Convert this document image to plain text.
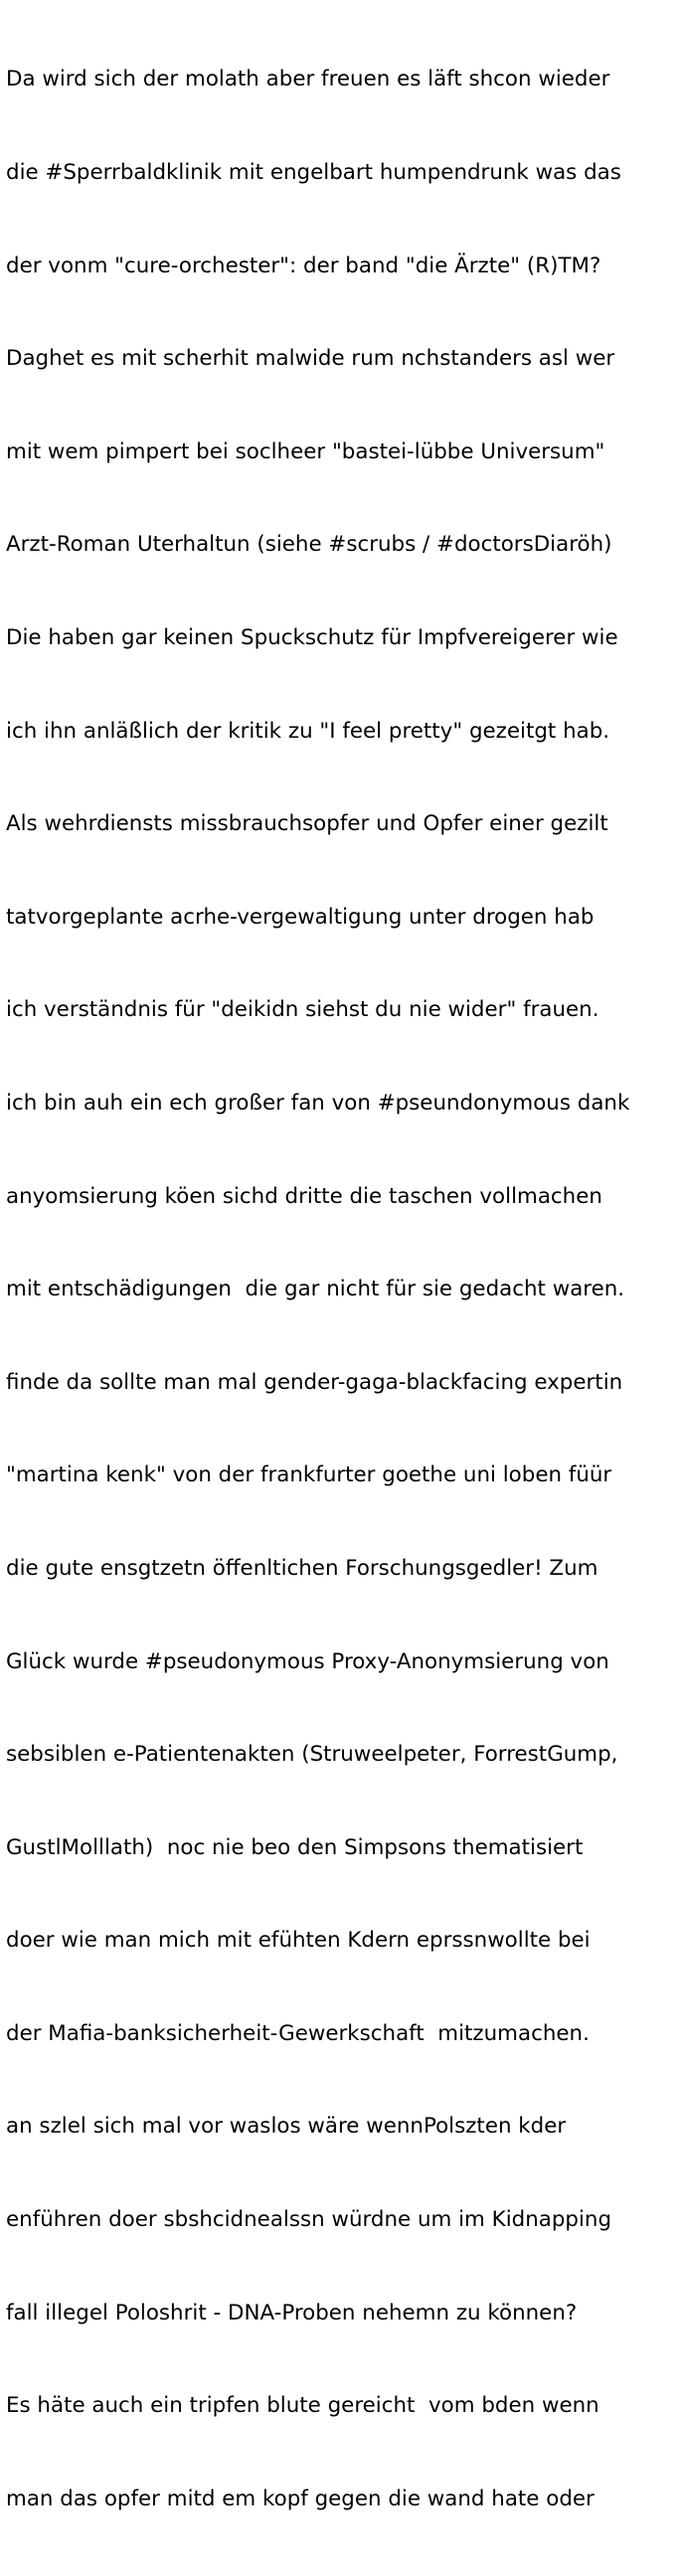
Da wird sich der molath aber freuen es läft shcon wieder

die #Sperrbaldklinik mit engelbart humpendrunk was das

der vonm "cure-orchester": der band "die Ärzte" (R)TM?

Daghet es mit scherhit malwide rum nchstanders asl wer

mit wem pimpert bei soclheer "bastei-lübbe Universum"

Arzt-Roman Uterhaltun (siehe #scrubs / #doctorsDiaröh)

Die haben gar keinen Spuckschutz für Impfvereigerer wie

ich ihn anläßlich der kritik zu "I feel pretty" gezeitgt hab.

Als wehrdiensts missbrauchsopfer und Opfer einer gezilt

tatvorgeplante acrhe-vergewaltigung unter drogen hab

ich verständnis für "deikidn siehst du nie wider" frauen.

ich bin auh ein ech großer fan von #pseundonymous dank

anyomsierung köen sichd dritte die taschen vollmachen

mit entschädigungen  die gar nicht für sie gedacht waren.

finde da sollte man mal gender-gaga-blackfacing expertin

"martina kenk" von der frankfurter goethe uni loben füür

die gute ensgtzetn öffenltichen Forschungsgedler! Zum

Glück wurde #pseudonymous Proxy-Anonymsierung von

sebsiblen e-Patientenakten (Struweelpeter, ForrestGump,

GustlMolllath)  noc nie beo den Simpsons thematisiert

doer wie man mich mit efühten Kdern eprssnwollte bei

der Mafia-banksicherheit-Gewerkschaft  mitzumachen.

an szlel sich mal vor waslos wäre wennPolszten kder

enführen doer sbshcidnealssn würdne um im Kidnapping

fall illegel Poloshrit - DNA-Proben nehemn zu können?

Es häte auch ein tripfen blute gereicht  vom bden wenn

man das opfer mitd em kopf gegen die wand hate oder
